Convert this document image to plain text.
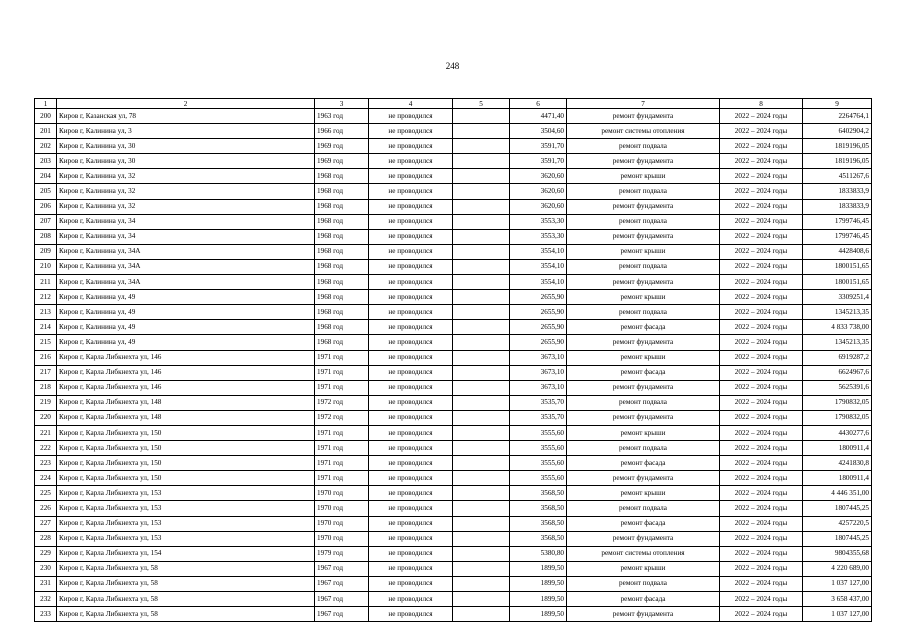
248
1	2	3	4	5	6	7	8	9
200	Киров г, Казанская ул, 78	1963 год	не проводился		4471,40	ремонт фундамента	2022 – 2024 годы	2264764,1
201	Киров г, Калинина ул, 3	1966 год	не проводился		3504,60	ремонт системы отопления	2022 – 2024 годы	6402904,2
202	Киров г, Калинина ул, 30	1969 год	не проводился		3591,70	ремонт подвала	2022 – 2024 годы	1819196,05
203	Киров г, Калинина ул, 30	1969 год	не проводился		3591,70	ремонт фундамента	2022 – 2024 годы	1819196,05
204	Киров г, Калинина ул, 32	1968 год	не проводился		3620,60	ремонт крыши	2022 – 2024 годы	4511267,6
205	Киров г, Калинина ул, 32	1968 год	не проводился		3620,60	ремонт подвала	2022 – 2024 годы	1833833,9
206	Киров г, Калинина ул, 32	1968 год	не проводился		3620,60	ремонт фундамента	2022 – 2024 годы	1833833,9
207	Киров г, Калинина ул, 34	1968 год	не проводился		3553,30	ремонт подвала	2022 – 2024 годы	1799746,45
208	Киров г, Калинина ул, 34	1968 год	не проводился		3553,30	ремонт фундамента	2022 – 2024 годы	1799746,45
209	Киров г, Калинина ул, 34А	1968 год	не проводился		3554,10	ремонт крыши	2022 – 2024 годы	4428408,6
210	Киров г, Калинина ул, 34А	1968 год	не проводился		3554,10	ремонт подвала	2022 – 2024 годы	1800151,65
211	Киров г, Калинина ул, 34А	1968 год	не проводился		3554,10	ремонт фундамента	2022 – 2024 годы	1800151,65
212	Киров г, Калинина ул, 49	1968 год	не проводился		2655,90	ремонт крыши	2022 – 2024 годы	3309251,4
213	Киров г, Калинина ул, 49	1968 год	не проводился		2655,90	ремонт подвала	2022 – 2024 годы	1345213,35
214	Киров г, Калинина ул, 49	1968 год	не проводился		2655,90	ремонт фасада	2022 – 2024 годы	4 833 738,00
215	Киров г, Калинина ул, 49	1968 год	не проводился		2655,90	ремонт фундамента	2022 – 2024 годы	1345213,35
216	Киров г, Карла Либкнехта ул, 146	1971 год	не проводился		3673,10	ремонт крыши	2022 – 2024 годы	6919287,2
217	Киров г, Карла Либкнехта ул, 146	1971 год	не проводился		3673,10	ремонт фасада	2022 – 2024 годы	6624967,6
218	Киров г, Карла Либкнехта ул, 146	1971 год	не проводился		3673,10	ремонт фундамента	2022 – 2024 годы	5625391,6
219	Киров г, Карла Либкнехта ул, 148	1972 год	не проводился		3535,70	ремонт подвала	2022 – 2024 годы	1790832,05
220	Киров г, Карла Либкнехта ул, 148	1972 год	не проводился		3535,70	ремонт фундамента	2022 – 2024 годы	1790832,05
221	Киров г, Карла Либкнехта ул, 150	1971 год	не проводился		3555,60	ремонт крыши	2022 – 2024 годы	4430277,6
222	Киров г, Карла Либкнехта ул, 150	1971 год	не проводился		3555,60	ремонт подвала	2022 – 2024 годы	1800911,4
223	Киров г, Карла Либкнехта ул, 150	1971 год	не проводился		3555,60	ремонт фасада	2022 – 2024 годы	4241830,8
224	Киров г, Карла Либкнехта ул, 150	1971 год	не проводился		3555,60	ремонт фундамента	2022 – 2024 годы	1800911,4
225	Киров г, Карла Либкнехта ул, 153	1970 год	не проводился		3568,50	ремонт крыши	2022 – 2024 годы	4 446 351,00
226	Киров г, Карла Либкнехта ул, 153	1970 год	не проводился		3568,50	ремонт подвала	2022 – 2024 годы	1807445,25
227	Киров г, Карла Либкнехта ул, 153	1970 год	не проводился		3568,50	ремонт фасада	2022 – 2024 годы	4257220,5
228	Киров г, Карла Либкнехта ул, 153	1970 год	не проводился		3568,50	ремонт фундамента	2022 – 2024 годы	1807445,25
229	Киров г, Карла Либкнехта ул, 154	1979 год	не проводился		5380,80	ремонт системы отопления	2022 – 2024 годы	9804355,68
230	Киров г, Карла Либкнехта ул, 58	1967 год	не проводился		1899,50	ремонт крыши	2022 – 2024 годы	4 220 689,00
231	Киров г, Карла Либкнехта ул, 58	1967 год	не проводился		1899,50	ремонт подвала	2022 – 2024 годы	1 037 127,00
232	Киров г, Карла Либкнехта ул, 58	1967 год	не проводился		1899,50	ремонт фасада	2022 – 2024 годы	3 658 437,00
233	Киров г, Карла Либкнехта ул, 58	1967 год	не проводился		1899,50	ремонт фундамента	2022 – 2024 годы	1 037 127,00
